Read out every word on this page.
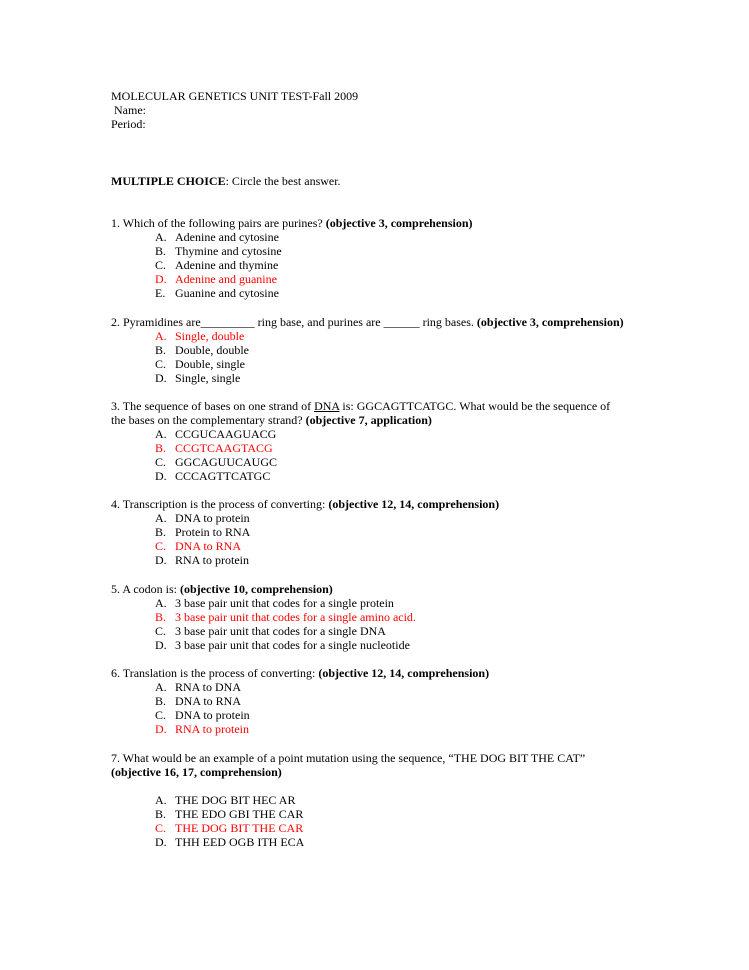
MOLECULAR GENETICS UNIT TEST-Fall 2009
Name:
Period:
MULTIPLE CHOICE: Circle the best answer.
1. Which of the following pairs are purines? (objective 3, comprehension)
A. Adenine and cytosine
B. Thymine and cytosine
C. Adenine and thymine
D. Adenine and guanine
E. Guanine and cytosine
2. Pyramidines are_________ ring base, and purines are ______ ring bases. (objective 3, comprehension)
A. Single, double
B. Double, double
C. Double, single
D. Single, single
3. The sequence of bases on one strand of DNA is: GGCAGTTCATGC. What would be the sequence of
the bases on the complementary strand? (objective 7, application)
A. CCGUCAAGUACG
B. CCGTCAAGTACG
C. GGCAGUUCAUGC
D. CCCAGTTCATGC
4. Transcription is the process of converting: (objective 12, 14, comprehension)
A. DNA to protein
B. Protein to RNA
C. DNA to RNA
D. RNA to protein
5. A codon is: (objective 10, comprehension)
A. 3 base pair unit that codes for a single protein
B. 3 base pair unit that codes for a single amino acid.
C. 3 base pair unit that codes for a single DNA
D. 3 base pair unit that codes for a single nucleotide
6. Translation is the process of converting: (objective 12, 14, comprehension)
A. RNA to DNA
B. DNA to RNA
C. DNA to protein
D. RNA to protein
7. What would be an example of a point mutation using the sequence, “THE DOG BIT THE CAT”
(objective 16, 17, comprehension)
A. THE DOG BIT HEC AR
B. THE EDO GBI THE CAR
C. THE DOG BIT THE CAR
D. THH EED OGB ITH ECA
